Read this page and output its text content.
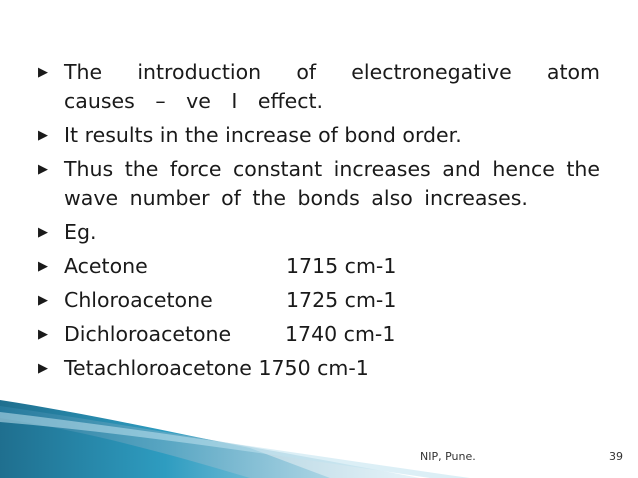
▶ The introduction of electronegative atom causes – ve I effect.
▶ It results in the increase of bond order.
▶ Thus the force constant increases and hence the wave number of the bonds also increases.
▶ Eg.
▶ Acetone	1715 cm-1
▶ Chloroacetone	1725 cm-1
▶ Dichloroacetone	1740 cm-1
▶ Tetachloroacetone 1750 cm-1
NIP, Pune.	39
